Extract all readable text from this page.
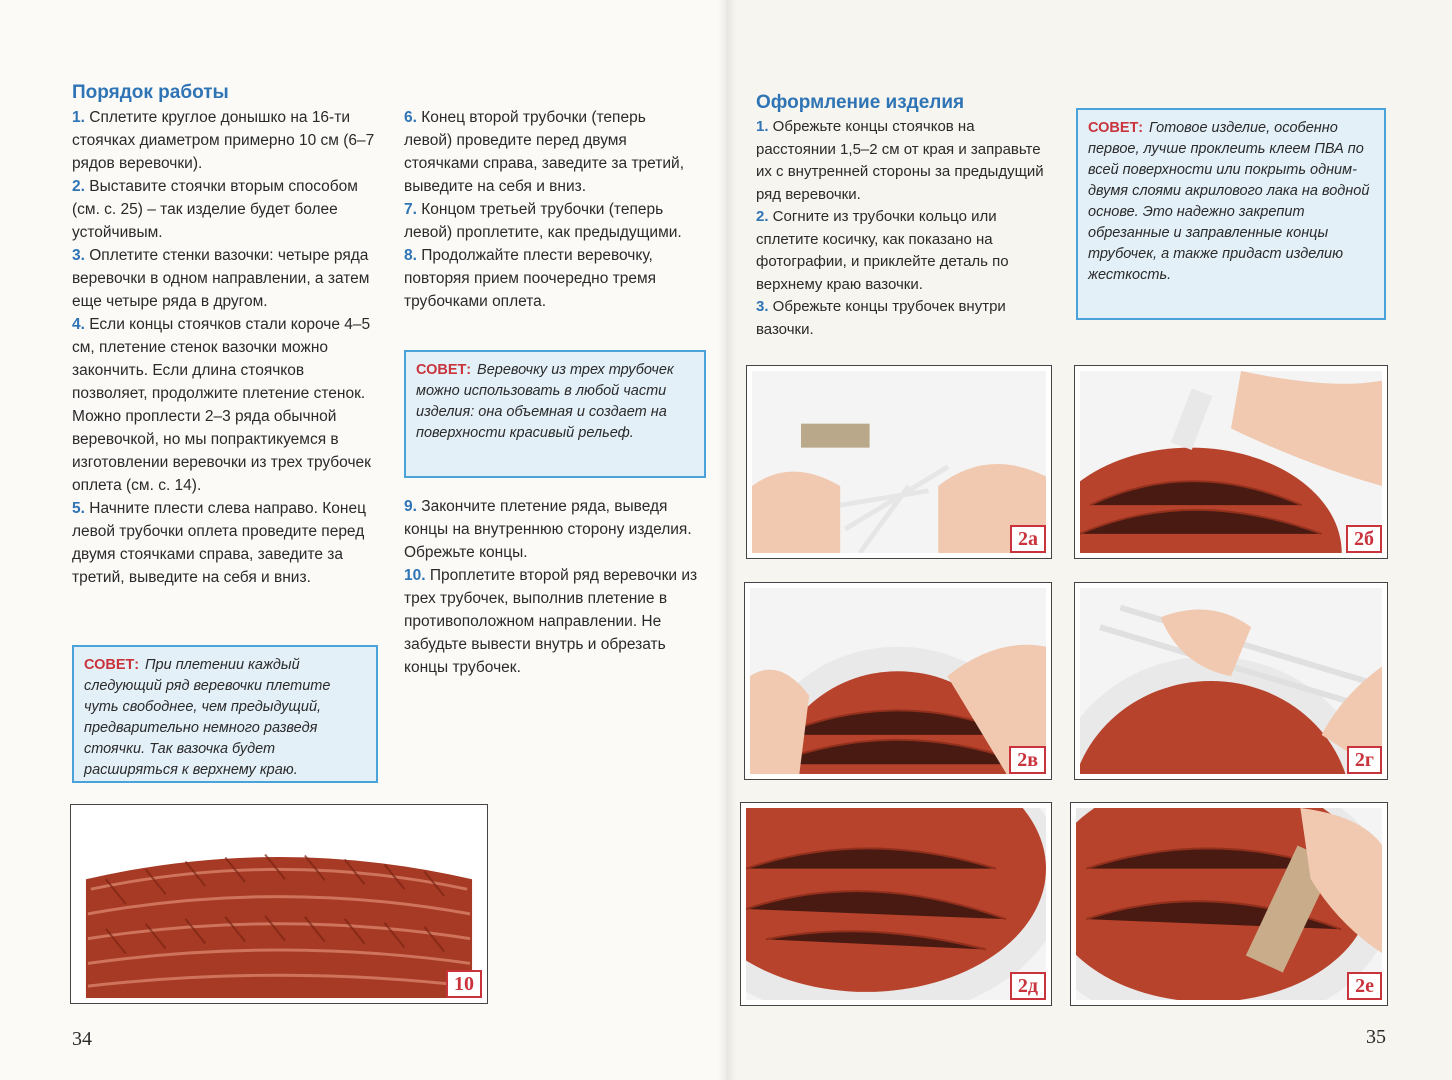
Порядок работы

1. Сплетите круглое донышко на 16-ти стоячках диаметром примерно 10 см (6–7 рядов веревочки).

2. Выставите стоячки вторым способом (см. с. 25) – так изделие будет более устойчивым.

3. Оплетите стенки вазочки: четыре ряда веревочки в одном направлении, а затем еще четыре ряда в другом.

4. Если концы стоячков стали короче 4–5 см, плетение стенок вазочки можно закончить. Если длина стоячков позволяет, продолжите плетение стенок. Можно проплести 2–3 ряда обычной веревочкой, но мы попрактикуемся в изготовлении веревочки из трех трубочек оплета (см. с. 14).

5. Начните плести слева направо. Конец левой трубочки оплета проведите перед двумя стоячками справа, заведите за третий, выведите на себя и вниз.

СОВЕТ: При плетении каждый следующий ряд веревочки плетите чуть свободнее, чем предыдущий, предварительно немного разведя стоячки. Так вазочка будет расширяться к верхнему краю.

6. Конец второй трубочки (теперь левой) проведите перед двумя стоячками справа, заведите за третий, выведите на себя и вниз.

7. Концом третьей трубочки (теперь левой) проплетите, как предыдущими.

8. Продолжайте плести веревочку, повторяя прием поочередно тремя трубочками оплета.

СОВЕТ: Веревочку из трех трубочек можно использовать в любой части изделия: она объемная и создает на поверхности красивый рельеф.

9. Закончите плетение ряда, выведя концы на внутреннюю сторону изделия. Обрежьте концы.

10. Проплетите второй ряд веревочки из трех трубочек, выполнив плетение в противоположном направлении. Не забудьте вывести внутрь и обрезать концы трубочек.

10
34
Оформление изделия

1. Обрежьте концы стоячков на расстоянии 1,5–2 см от края и заправьте их с внутренней стороны за предыдущий ряд веревочки.

2. Согните из трубочки кольцо или сплетите косичку, как показано на фотографии, и приклейте деталь по верхнему краю вазочки.

3. Обрежьте концы трубочек внутри вазочки.

СОВЕТ: Готовое изделие, особенно первое, лучше проклеить клеем ПВА по всей поверхности или покрыть одним-двумя слоями акрилового лака на водной основе. Это надежно закрепит обрезанные и заправленные концы трубочек, а также придаст изделию жесткость.
2а	2б
2в	2г
2д	2е
35
